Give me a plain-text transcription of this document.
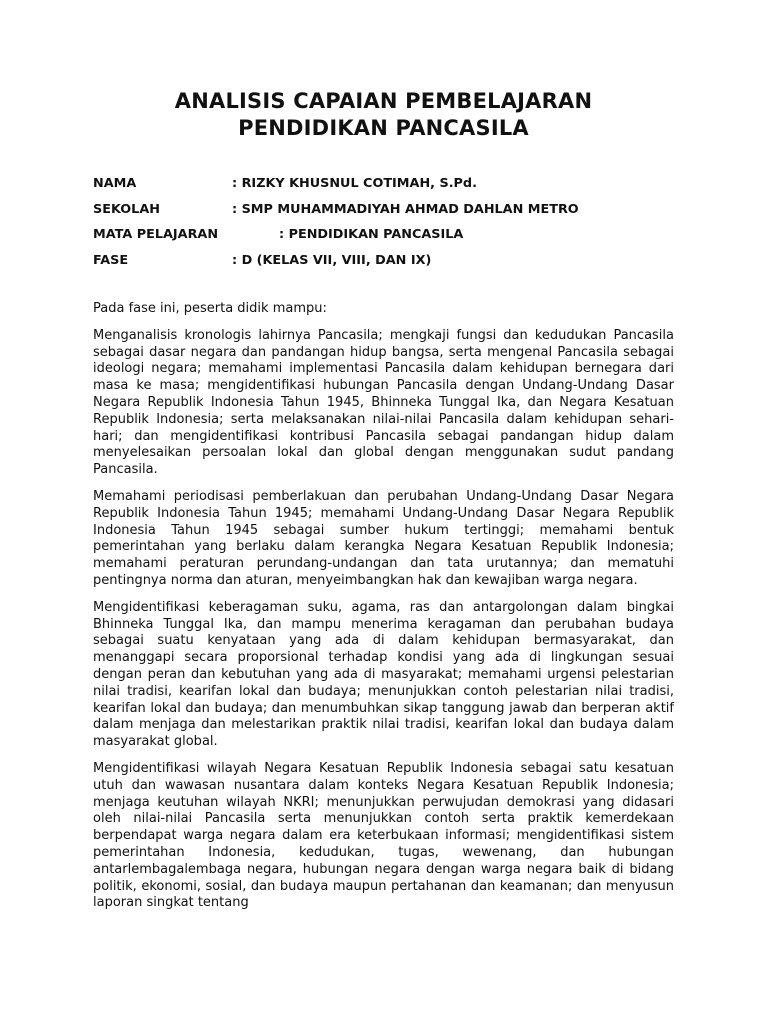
ANALISIS CAPAIAN PEMBELAJARAN
PENDIDIKAN PANCASILA
NAMA	: RIZKY KHUSNUL COTIMAH, S.Pd.
SEKOLAH	: SMP MUHAMMADIYAH AHMAD DAHLAN METRO
MATA PELAJARAN	: PENDIDIKAN PANCASILA
FASE	: D (KELAS VII, VIII, DAN IX)

Pada fase ini, peserta didik mampu:

Menganalisis kronologis lahirnya Pancasila; mengkaji fungsi dan kedudukan Pancasila sebagai dasar negara dan pandangan hidup bangsa, serta mengenal Pancasila sebagai ideologi negara; memahami implementasi Pancasila dalam kehidupan bernegara dari masa ke masa; mengidentifikasi hubungan Pancasila dengan Undang-Undang Dasar Negara Republik Indonesia Tahun 1945, Bhinneka Tunggal Ika, dan Negara Kesatuan Republik Indonesia; serta melaksanakan nilai-nilai Pancasila dalam kehidupan sehari-hari; dan mengidentifikasi kontribusi Pancasila sebagai pandangan hidup dalam menyelesaikan persoalan lokal dan global dengan menggunakan sudut pandang Pancasila.

Memahami periodisasi pemberlakuan dan perubahan Undang-Undang Dasar Negara Republik Indonesia Tahun 1945; memahami Undang-Undang Dasar Negara Republik Indonesia Tahun 1945 sebagai sumber hukum tertinggi; memahami bentuk pemerintahan yang berlaku dalam kerangka Negara Kesatuan Republik Indonesia; memahami peraturan perundang-undangan dan tata urutannya; dan mematuhi pentingnya norma dan aturan, menyeimbangkan hak dan kewajiban warga negara.

Mengidentifikasi keberagaman suku, agama, ras dan antargolongan dalam bingkai Bhinneka Tunggal Ika, dan mampu menerima keragaman dan perubahan budaya sebagai suatu kenyataan yang ada di dalam kehidupan bermasyarakat, dan menanggapi secara proporsional terhadap kondisi yang ada di lingkungan sesuai dengan peran dan kebutuhan yang ada di masyarakat; memahami urgensi pelestarian nilai tradisi, kearifan lokal dan budaya; menunjukkan contoh pelestarian nilai tradisi, kearifan lokal dan budaya; dan menumbuhkan sikap tanggung jawab dan berperan aktif dalam menjaga dan melestarikan praktik nilai tradisi, kearifan lokal dan budaya dalam masyarakat global.

Mengidentifikasi wilayah Negara Kesatuan Republik Indonesia sebagai satu kesatuan utuh dan wawasan nusantara dalam konteks Negara Kesatuan Republik Indonesia; menjaga keutuhan wilayah NKRI; menunjukkan perwujudan demokrasi yang didasari oleh nilai-nilai Pancasila serta menunjukkan contoh serta praktik kemerdekaan berpendapat warga negara dalam era keterbukaan informasi; mengidentifikasi sistem pemerintahan Indonesia, kedudukan, tugas, wewenang, dan hubungan antarlembagalembaga negara, hubungan negara dengan warga negara baik di bidang politik, ekonomi, sosial, dan budaya maupun pertahanan dan keamanan; dan menyusun laporan singkat tentang
